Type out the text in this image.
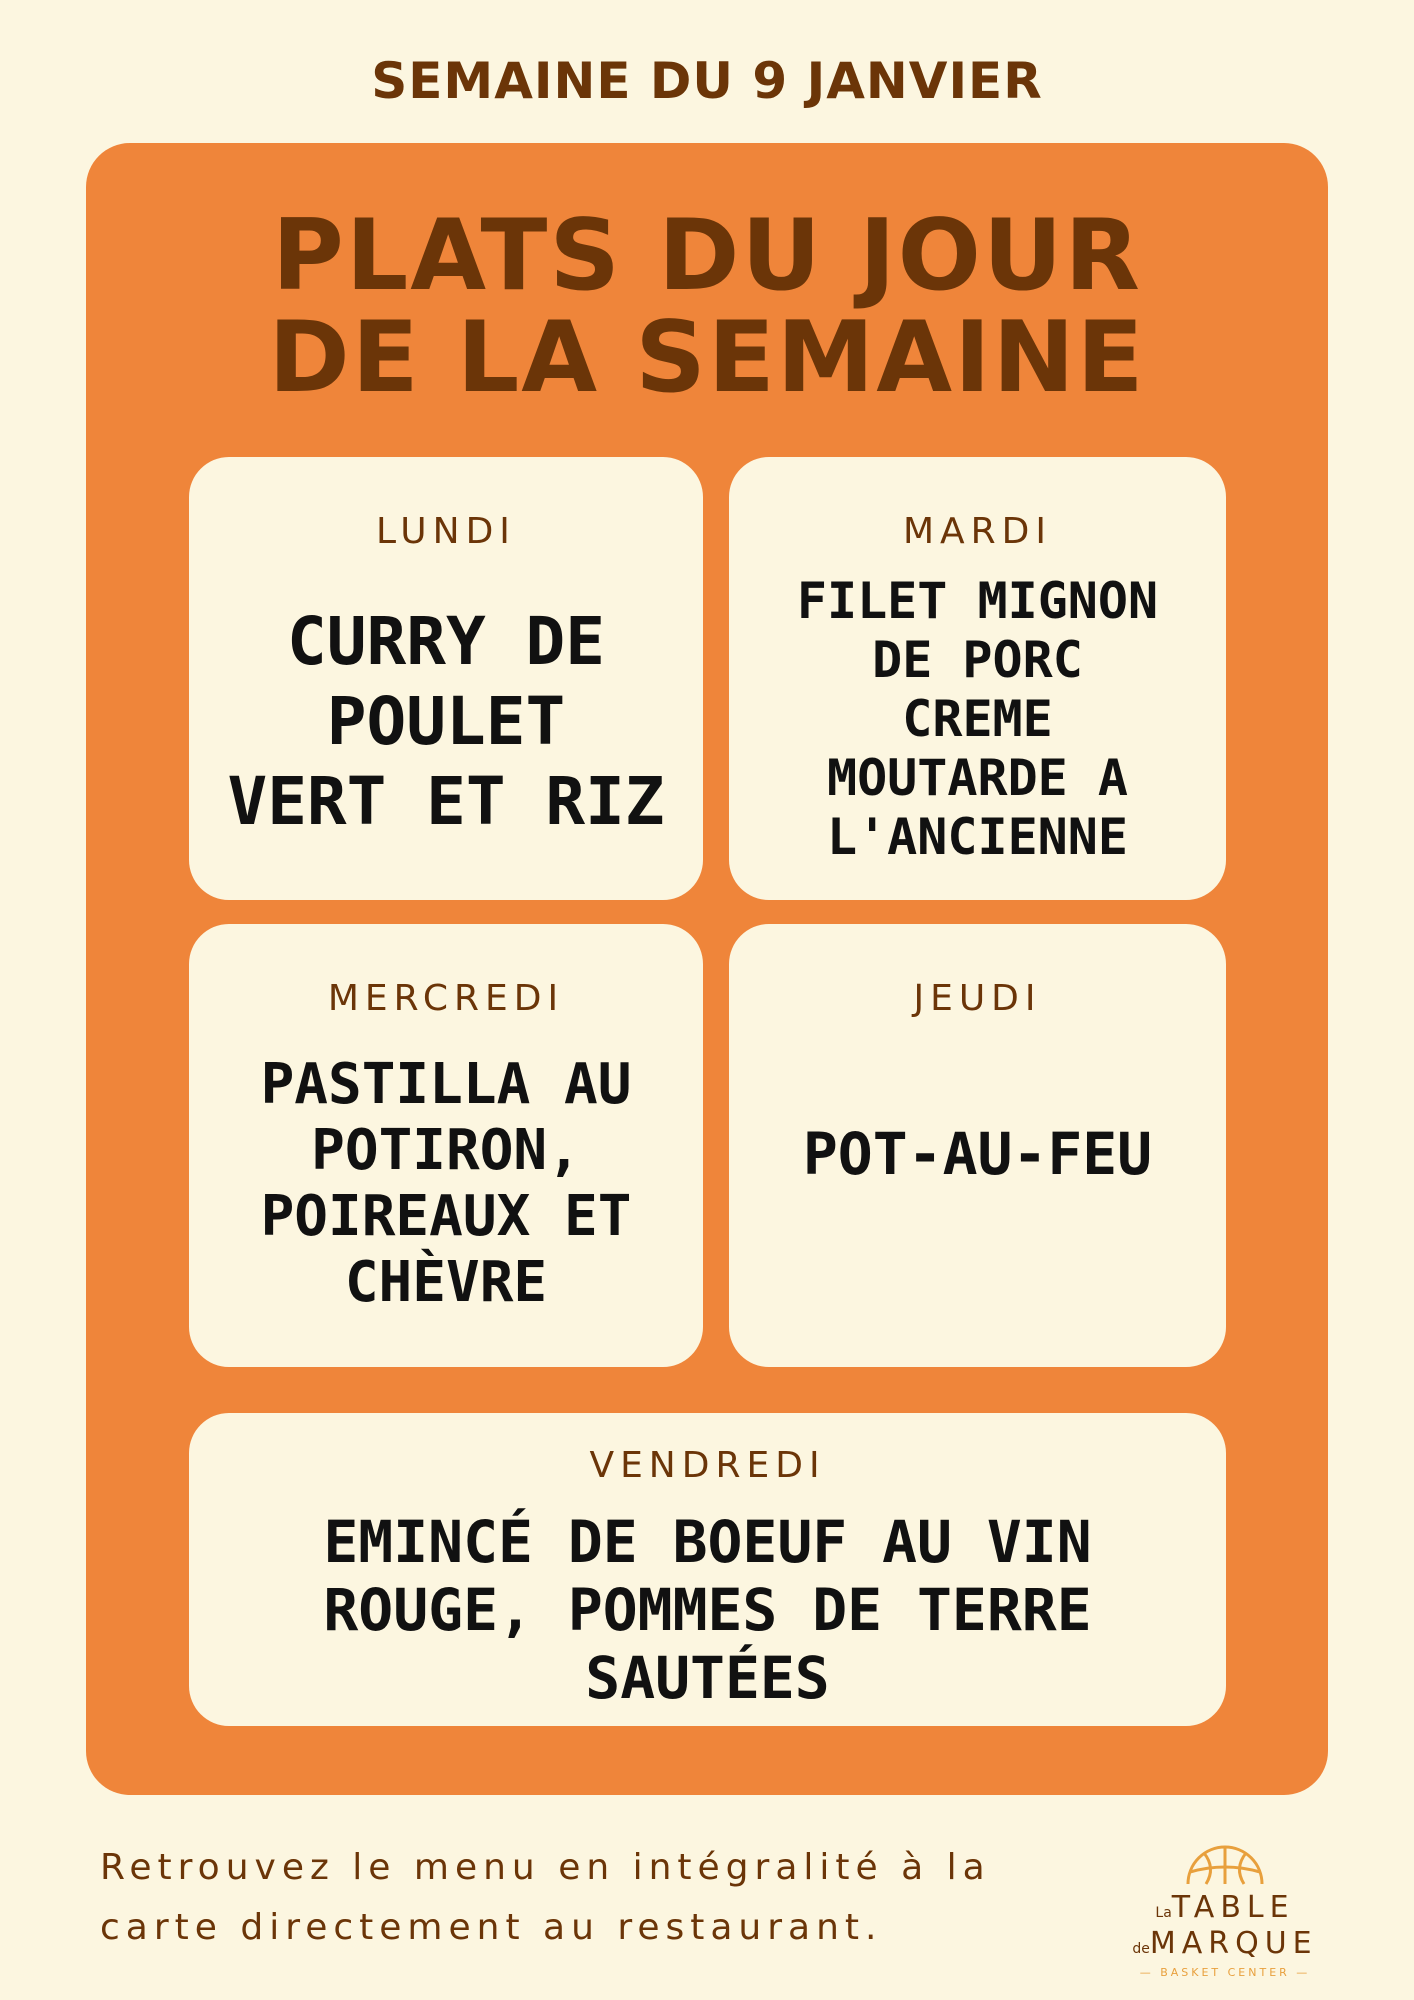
SEMAINE DU 9 JANVIER
PLATS DU JOUR
DE LA SEMAINE
LUNDI
CURRY DE
POULET
VERT ET RIZ
MARDI
FILET MIGNON
DE PORC
CREME
MOUTARDE A
L'ANCIENNE
MERCREDI
PASTILLA AU
POTIRON,
POIREAUX ET
CHÈVRE
JEUDI
POT-AU-FEU
VENDREDI
EMINCÉ DE BOEUF AU VIN
ROUGE, POMMES DE TERRE
SAUTÉES
Retrouvez le menu en intégralité à la
carte directement au restaurant.	LaTABLE
deMARQUE
— BASKET CENTER —
